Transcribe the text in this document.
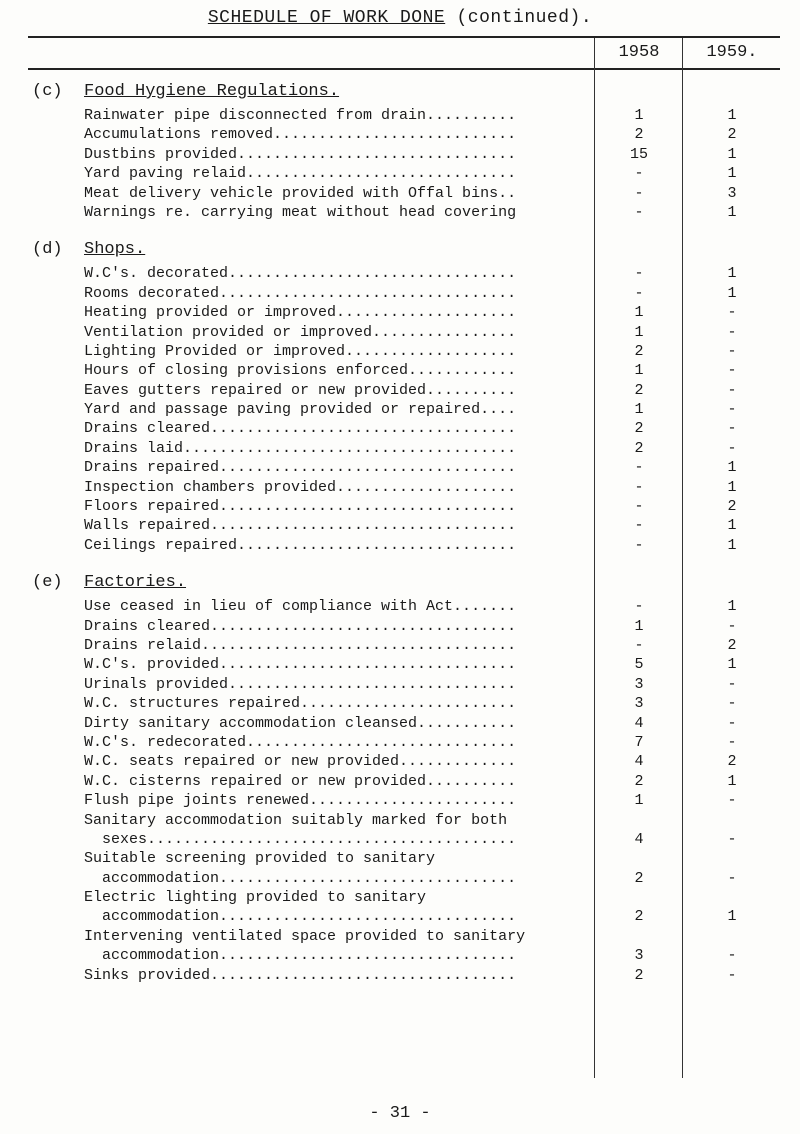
SCHEDULE OF WORK DONE (continued).
1958	1959.
(c) Food Hygiene Regulations.
Rainwater pipe disconnected from drain..........	1	1
Accumulations removed...........................	2	2
Dustbins provided...............................	15	1
Yard paving relaid..............................	-	1
Meat delivery vehicle provided with Offal bins..	-	3
Warnings re. carrying meat without head covering	-	1
(d) Shops.
W.C's. decorated................................	-	1
Rooms decorated.................................	-	1
Heating provided or improved....................	1	-
Ventilation provided or improved................	1	-
Lighting Provided or improved...................	2	-
Hours of closing provisions enforced............	1	-
Eaves gutters repaired or new provided..........	2	-
Yard and passage paving provided or repaired....	1	-
Drains cleared..................................	2	-
Drains laid.....................................	2	-
Drains repaired.................................	-	1
Inspection chambers provided....................	-	1
Floors repaired.................................	-	2
Walls repaired..................................	-	1
Ceilings repaired...............................	-	1
(e) Factories.
Use ceased in lieu of compliance with Act.......	-	1
Drains cleared..................................	1	-
Drains relaid...................................	-	2
W.C's. provided.................................	5	1
Urinals provided................................	3	-
W.C. structures repaired........................	3	-
Dirty sanitary accommodation cleansed...........	4	-
W.C's. redecorated..............................	7	-
W.C. seats repaired or new provided.............	4	2
W.C. cisterns repaired or new provided..........	2	1
Flush pipe joints renewed.......................	1	-
Sanitary accommodation suitably marked for both
sexes.........................................	4	-
Suitable screening provided to sanitary
accommodation.................................	2	-
Electric lighting provided to sanitary
accommodation.................................	2	1
Intervening ventilated space provided to sanitary
accommodation.................................	3	-
Sinks provided..................................	2	-
- 31 -
